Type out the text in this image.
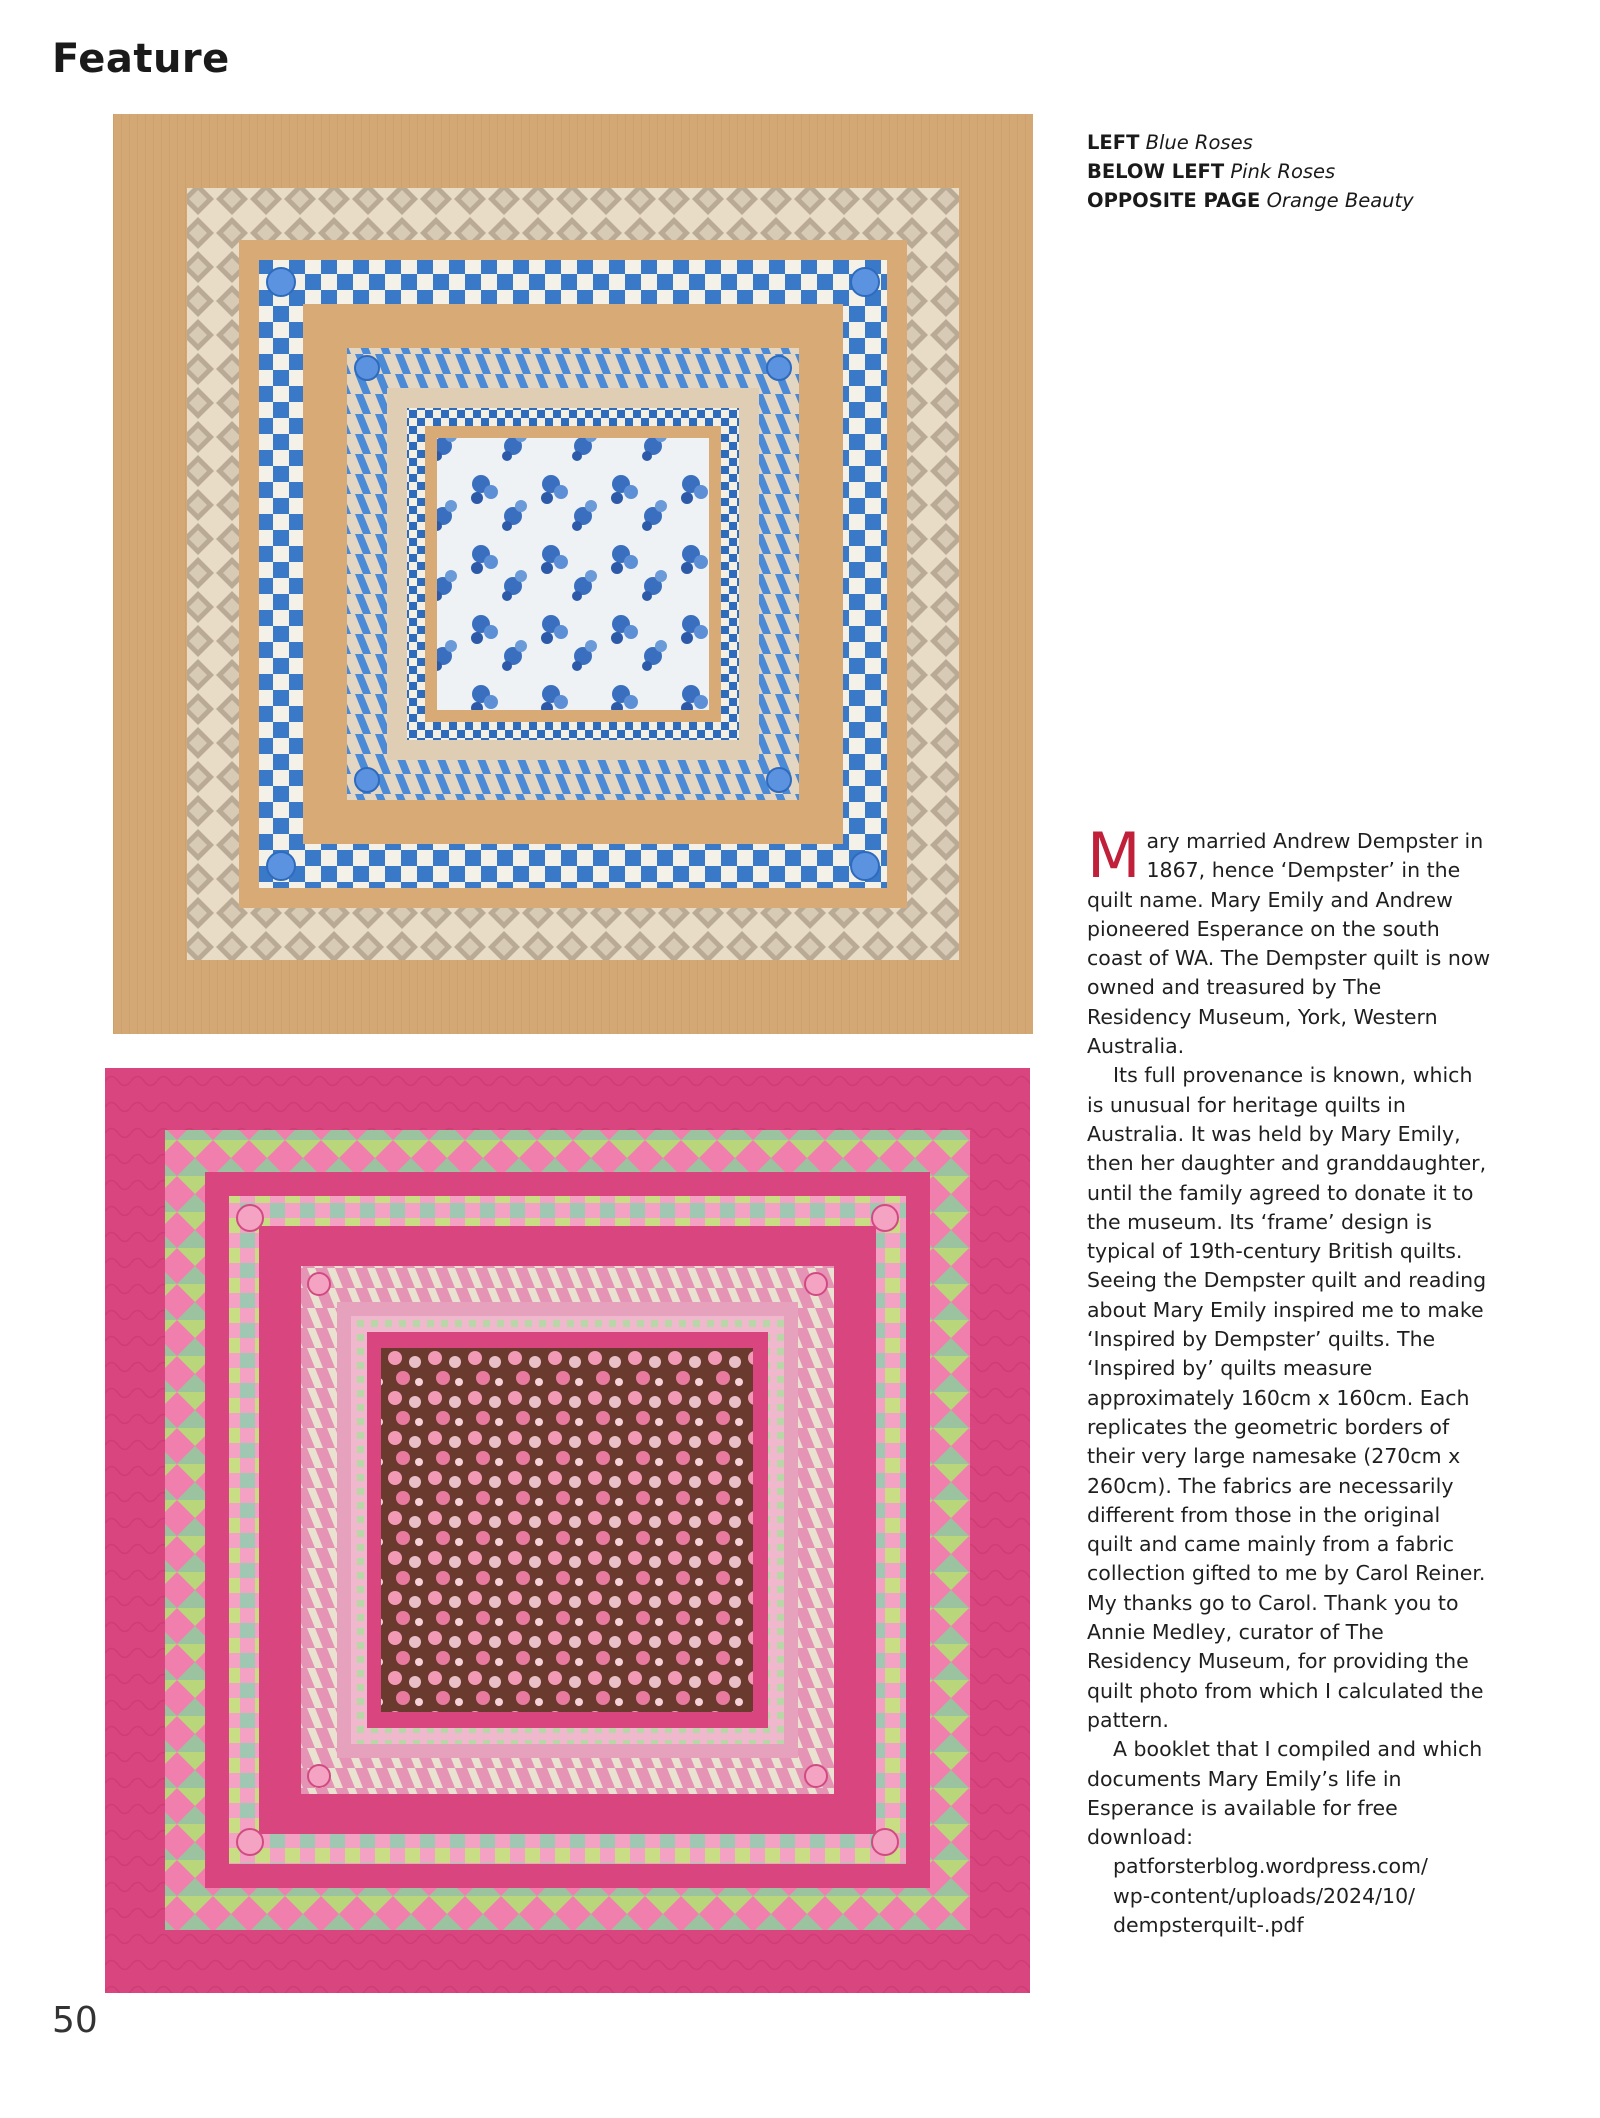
Feature
LEFT Blue Roses
BELOW LEFT Pink Roses
OPPOSITE PAGE Orange Beauty

Mary married Andrew Dempster in 1867, hence ‘Dempster’ in the quilt name. Mary Emily and Andrew pioneered Esperance on the south coast of WA. The Dempster quilt is now owned and treasured by The Residency Museum, York, Western Australia.

Its full provenance is known, which is unusual for heritage quilts in Australia. It was held by Mary Emily, then her daughter and granddaughter, until the family agreed to donate it to the museum. Its ‘frame’ design is typical of 19th-century British quilts. Seeing the Dempster quilt and reading about Mary Emily inspired me to make ‘Inspired by Dempster’ quilts. The ‘Inspired by’ quilts measure approximately 160cm x 160cm. Each replicates the geometric borders of their very large namesake (270cm x 260cm). The fabrics are necessarily different from those in the original quilt and came mainly from a fabric collection gifted to me by Carol Reiner. My thanks go to Carol. Thank you to Annie Medley, curator of The Residency Museum, for providing the quilt photo from which I calculated the pattern.

A booklet that I compiled and which documents Mary Emily’s life in Esperance is available for free download:
patforsterblog.wordpress.com/
wp-content/uploads/2024/10/
dempsterquilt-.pdf

50
